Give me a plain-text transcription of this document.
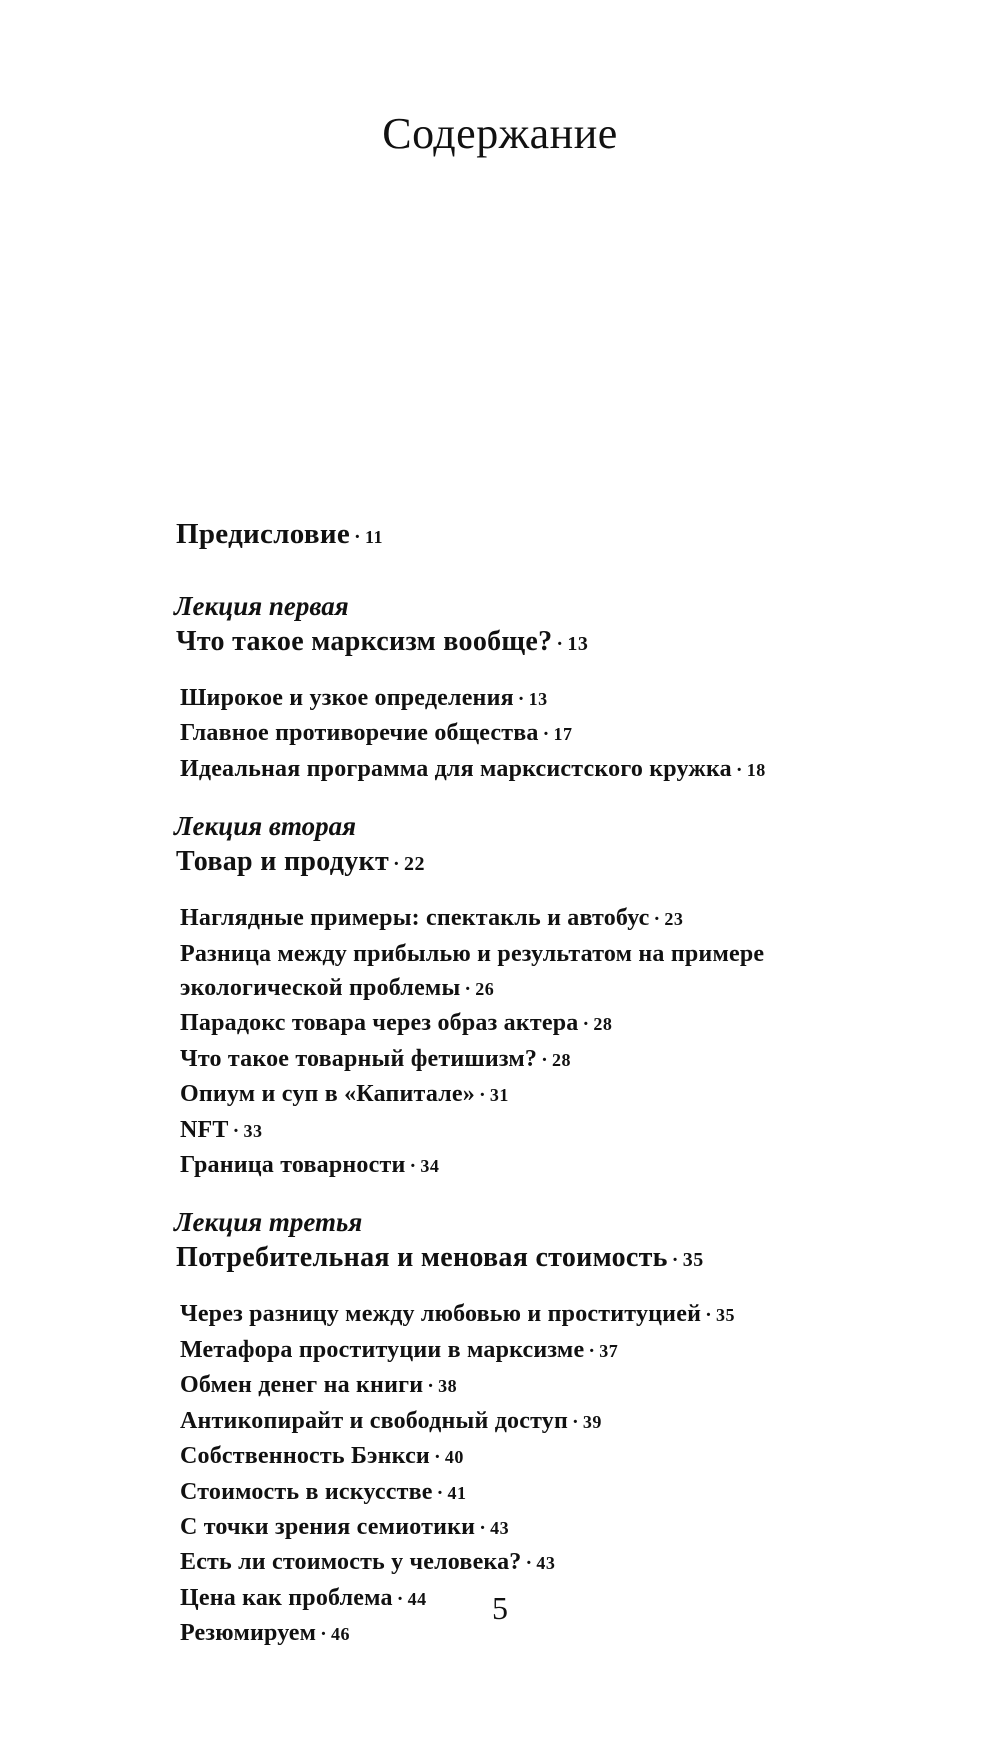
Содержание
Предисловие · 11
Лекция первая
Что такое марксизм вообще? · 13
Широкое и узкое определения · 13
Главное противоречие общества · 17
Идеальная программа для марксистского кружка · 18
Лекция вторая
Товар и продукт · 22
Наглядные примеры: спектакль и автобус · 23
Разница между прибылью и результатом на примере
экологической проблемы · 26
Парадокс товара через образ актера · 28
Что такое товарный фетишизм? · 28
Опиум и суп в «Капитале» · 31
NFT · 33
Граница товарности · 34
Лекция третья
Потребительная и меновая стоимость · 35
Через разницу между любовью и проституцией · 35
Метафора проституции в марксизме · 37
Обмен денег на книги · 38
Антикопирайт и свободный доступ · 39
Собственность Бэнкси · 40
Стоимость в искусстве · 41
С точки зрения семиотики · 43
Есть ли стоимость у человека? · 43
Цена как проблема · 44
Резюмируем · 46
5
